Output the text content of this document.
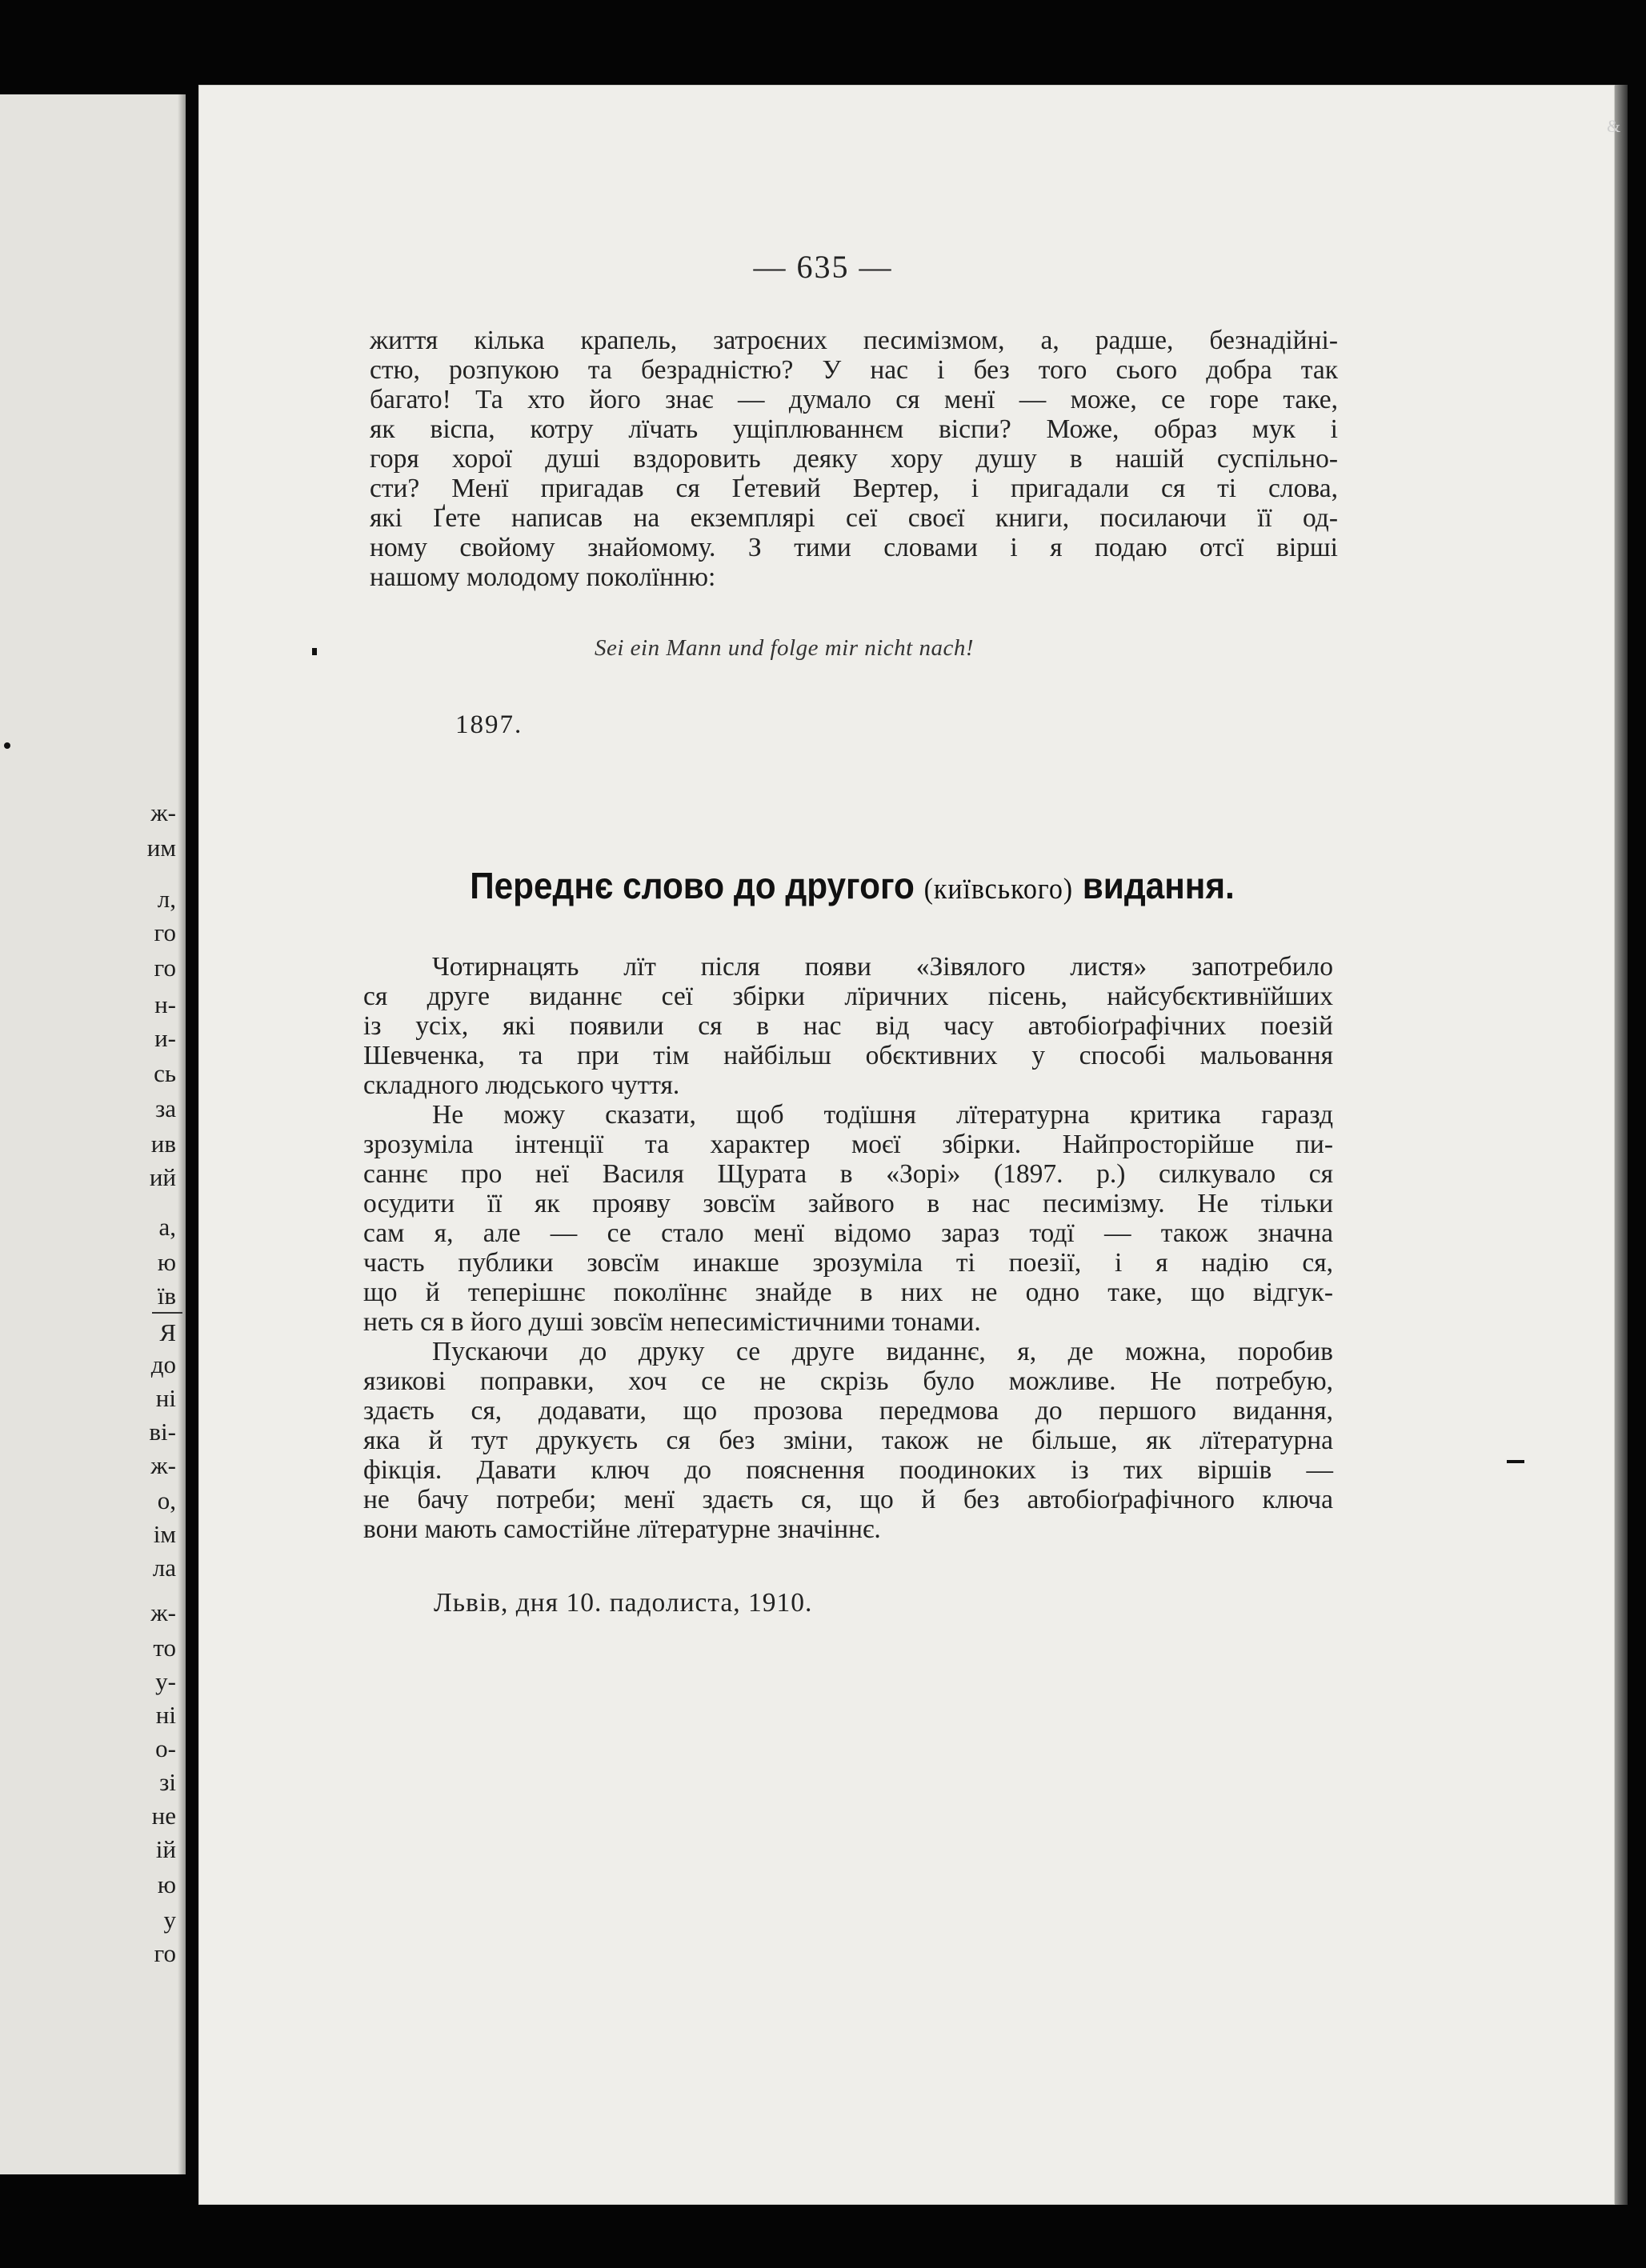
ж-
им
л,
го
го
н-
и-
сь
за
ив
ий
а,
ю
їв
Я
до
ні
ві-
ж-
о,
ім
ла
ж-
то
у-
ні
о-
зі
не
ій
ю
у
го
&
— 635 —
життя кілька крапель, затроєних песимізмом, а, радше, безнадійні-
стю, розпукою та безрадністю? У нас і без того сього добра так
багато! Та хто його знає — думало ся менї — може, се горе таке,
як віспа, котру лїчать ущіплюваннєм віспи? Може, образ мук і
горя хорої душі вздоровить деяку хору душу в нашій суспільно-
сти? Менї пригадав ся Ґетевий Вертер, і пригадали ся ті слова,
які Ґете написав на екземплярі сеї своєї книги, посилаючи її од-
ному свойому знайомому. З тими словами і я подаю отсї вірші
нашому молодому поколїнню:
Sei ein Mann und folge mir nicht nach!
1897.
Переднє слово до другого (київського) видання.
Чотирнацять лїт після появи «Зівялого листя» запотребило
ся друге виданнє сеї збірки лїричних пісень, найсубєктивнїйших
із усіх, які появили ся в нас від часу автобіоґрафічних поезій
Шевченка, та при тім найбільш обєктивних у способі мальовання
складного людського чуття.
Не можу сказати, щоб тодїшня лїтературна критика гаразд
зрозуміла інтенції та характер моєї збірки. Найпросторійше пи-
саннє про неї Василя Щурата в «Зорі» (1897. р.) силкувало ся
осудити її як прояву зовсїм зайвого в нас песимізму. Не тільки
сам я, але — се стало менї відомо зараз тодї — також значна
часть публики зовсїм инакше зрозуміла ті поезії, і я надію ся,
що й теперішнє поколїннє знайде в них не одно таке, що відгук-
неть ся в його душі зовсїм непесимістичними тонами.
Пускаючи до друку се друге виданнє, я, де можна, поробив
язикові поправки, хоч се не скрізь було можливе. Не потребую,
здаєть ся, додавати, що прозова передмова до першого видання,
яка й тут друкуєть ся без зміни, також не більше, як лїтературна
фікція. Давати ключ до пояснення поодиноких із тих віршів —
не бачу потреби; менї здаєть ся, що й без автобіоґрафічного ключа
вони мають самостійне лїтературне значіннє.
Львів, дня 10. падолиста, 1910.
